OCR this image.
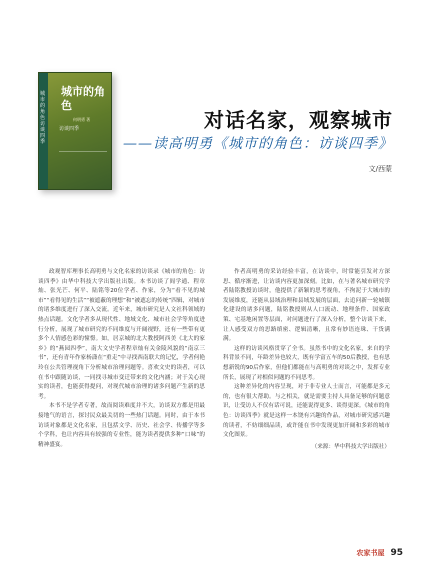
城市的角色访谈四季
城市的角色
何明勇 著
访谈四季	对话名家，观察城市
——读高明勇《城市的角色：访谈四季》
文/西蒙

政观智库理事长高明勇与文化名家的访谈录《城市的角色：访谈四季》由华中科技大学出版社出版。本书访谈了阎学通、程章灿、张光芒、何平、陆铭等20位学者、作家，分为“看不见的城市”“看得见的生活”“被遮蔽的理想”和“被遮忘的传统”四辑，对城市的诸多维度进行了深入交流。近年来，城市研究是人文社科领域的热点话题。文化学者多从现代性、地域文化、城市社会学等角度进行分析，展现了城市研究的不同维度与开阔视野，还有一些带有更多个人情感色彩的憧憬。如，居京城的北大教授阿西美《北大的家乡》的“燕园四季”，南大文史学者程章灿有关金陵风貌的“南京三书”，还有青年作家杨潇在“重走”中寻找西南联大的记忆，学者何艳玲在公共管理视角下分析城市治理问题等。喜欢文史的读者，可以在书中跟随访谈，一同找寻城市变迁带来的文化内涵；对于关心现实的读者，也能获得提问，对现代城市治理的诸多问题产生新的思考。

本书不是学者专著，故而阅读难度并不大，访谈双方都是用最接地气的语言，探讨民众最关切的一些热门话题。同时，由于本书访谈对象都是文化名家，且包括文学、历史、社会学、传播学等多个学科，也让内容具有较强的专业性，能为读者提供多种“口味”的精神盛宴。

作者高明勇的采访经验丰富，在访谈中，时常能引发对方深思、循序渐进，让访谈内容更加深刻。比如，在与著名城市研究学者陆铭教授访谈时，他提供了新颖的思考视角，不拘泥于大城市的发展维度，还能从县域治理和县域发展的层面，去追问新一轮城镇化建设的诸多问题，陆铭教授则从人口流动、地理条件、国家政策、宅基地闲置等层面，对问题进行了深入分析，整个访谈下来，让人感受双方的思路缜密、逻辑清晰，且常有妙语连珠、干货满满。

这样的访谈风格贯穿了全书。虽然书中的文化名家，来自的学科背景不同，年龄差异也较大，既有学富五车的50后教授，也有思想新锐的90后作家，但他们都能在与高明勇的对谈之中，发挥专业所长，展现了对相似问题的不同思考。

这种差异化的内容呈现，对于非专业人士而言，可能都是多元的，也有很大帮助。与之相关，就是需要主持人具备足够的问题意识，让受访人不仅有话可说，还能说得更多、谈得更深。《城市的角色：访谈四季》就是这样一本饶有兴趣的作品，对城市研究感兴趣的读者，不妨细细品读，或许能在书中发现更加开阔和多彩的城市文化图景。

（来源：华中科技大学出版社）
农家书屋 95
